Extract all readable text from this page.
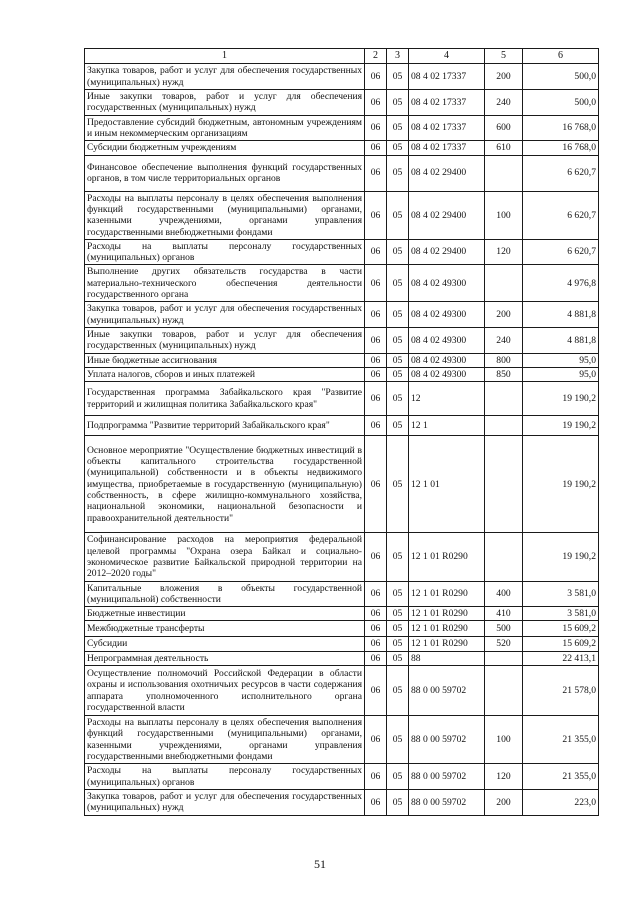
1	2	3	4	5	6
Закупка товаров, работ и услуг для обеспечения государственных (муниципальных) нужд	06	05	08 4 02 17337	200	500,0
Иные закупки товаров, работ и услуг для обеспечения государственных (муниципальных) нужд	06	05	08 4 02 17337	240	500,0
Предоставление субсидий бюджетным, автономным учреждениям и иным некоммерческим организациям	06	05	08 4 02 17337	600	16 768,0
Субсидии бюджетным учреждениям	06	05	08 4 02 17337	610	16 768,0
Финансовое обеспечение выполнения функций государственных органов, в том числе территориальных органов	06	05	08 4 02 29400		6 620,7
Расходы на выплаты персоналу в целях обеспечения выполнения функций государственными (муниципальными) органами, казенными учреждениями, органами управления государственными внебюджетными фондами	06	05	08 4 02 29400	100	6 620,7
Расходы на выплаты персоналу государственных (муниципальных) органов	06	05	08 4 02 29400	120	6 620,7
Выполнение других обязательств государства в части материально-технического обеспечения деятельности государственного органа	06	05	08 4 02 49300		4 976,8
Закупка товаров, работ и услуг для обеспечения государственных (муниципальных) нужд	06	05	08 4 02 49300	200	4 881,8
Иные закупки товаров, работ и услуг для обеспечения государственных (муниципальных) нужд	06	05	08 4 02 49300	240	4 881,8
Иные бюджетные ассигнования	06	05	08 4 02 49300	800	95,0
Уплата налогов, сборов и иных платежей	06	05	08 4 02 49300	850	95,0
Государственная программа Забайкальского края "Развитие территорий и жилищная политика Забайкальского края"	06	05	12		19 190,2
Подпрограмма "Развитие территорий Забайкальского края"	06	05	12 1		19 190,2
Основное мероприятие "Осуществление бюджетных инвестиций в объекты капитального строительства государственной (муниципальной) собственности и в объекты недвижимого имущества, приобретаемые в государственную (муниципальную) собственность, в сфере жилищно-коммунального хозяйства, национальной экономики, национальной безопасности и правоохранительной деятельности"	06	05	12 1 01		19 190,2
Софинансирование расходов на мероприятия федеральной целевой программы "Охрана озера Байкал и социально-экономическое развитие Байкальской природной территории на 2012–2020 годы"	06	05	12 1 01 R0290		19 190,2
Капитальные вложения в объекты государственной (муниципальной) собственности	06	05	12 1 01 R0290	400	3 581,0
Бюджетные инвестиции	06	05	12 1 01 R0290	410	3 581,0
Межбюджетные трансферты	06	05	12 1 01 R0290	500	15 609,2
Субсидии	06	05	12 1 01 R0290	520	15 609,2
Непрограммная деятельность	06	05	88		22 413,1
Осуществление полномочий Российской Федерации в области охраны и использования охотничьих ресурсов в части содержания аппарата уполномоченного исполнительного органа государственной власти	06	05	88 0 00 59702		21 578,0
Расходы на выплаты персоналу в целях обеспечения выполнения функций государственными (муниципальными) органами, казенными учреждениями, органами управления государственными внебюджетными фондами	06	05	88 0 00 59702	100	21 355,0
Расходы на выплаты персоналу государственных (муниципальных) органов	06	05	88 0 00 59702	120	21 355,0
Закупка товаров, работ и услуг для обеспечения государственных (муниципальных) нужд	06	05	88 0 00 59702	200	223,0
51
